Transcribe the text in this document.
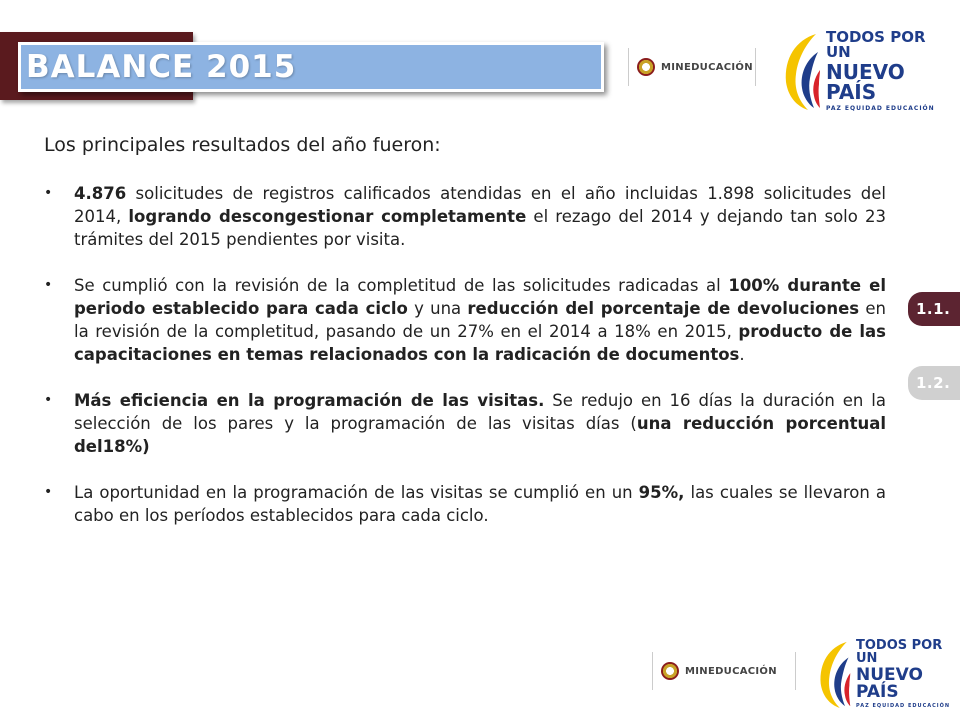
BALANCE 2015	MINEDUCACIÓN
TODOS POR UN
NUEVO PAÍS
PAZ EQUIDAD EDUCACIÓN
1.1.
1.2.
Los principales resultados del año fueron:
• 4.876 solicitudes de registros calificados atendidas en el año incluidas 1.898 solicitudes del 2014, logrando descongestionar completamente el rezago del 2014 y dejando tan solo 23 trámites del 2015 pendientes por visita.
• Se cumplió con la revisión de la completitud de las solicitudes radicadas al 100% durante el periodo establecido para cada ciclo y una reducción del porcentaje de devoluciones en la revisión de la completitud, pasando de un 27% en el 2014 a 18% en 2015, producto de las capacitaciones en temas relacionados con la radicación de documentos.
• Más eficiencia en la programación de las visitas. Se redujo en 16 días la duración en la selección de los pares y la programación de las visitas días (una reducción porcentual del18%)
• La oportunidad en la programación de las visitas se cumplió en un 95%, las cuales se llevaron a cabo en los períodos establecidos para cada ciclo.
MINEDUCACIÓN
TODOS POR UN
NUEVO PAÍS
PAZ EQUIDAD EDUCACIÓN
